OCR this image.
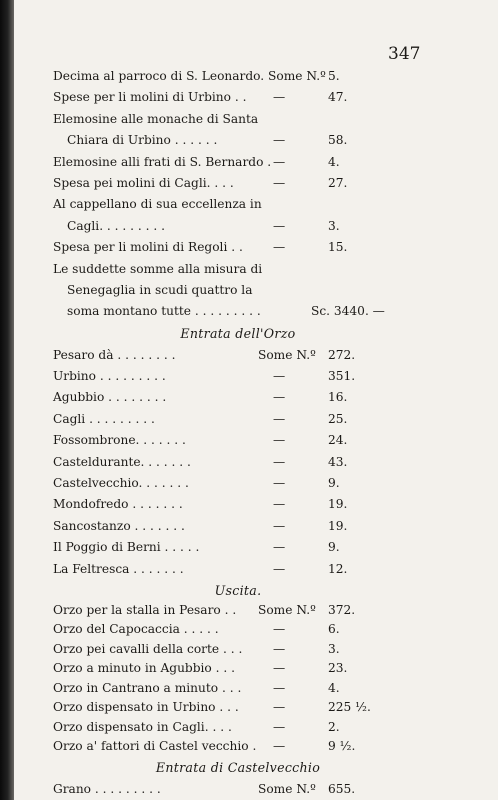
347
Decima al parroco di S. Leonardo. Some N.º 5.
Spese per li molini di Urbino . . —	47.
Elemosine alle monache di Santa
Chiara di Urbino . . . . . .	—	58.
Elemosine alli frati di S. Bernardo . —	4.
Spesa pei molini di Cagli. . . .	—	27.
Al cappellano di sua eccellenza in
Cagli. . . . . . . . .	—	3.
Spesa per li molini di Regoli . . —	15.
Le suddette somme alla misura di
Senegaglia in scudi quattro la
soma montano tutte . . . . . . . . .	Sc. 3440. —
Entrata dell'Orzo
Pesaro dà . . . . . . . .	Some N.º 272.
Urbino . . . . . . . . .	—	351.
Agubbio . . . . . . . .	—	16.
Cagli . . . . . . . . .	—	25.
Fossombrone. . . . . . .	—	24.
Casteldurante. . . . . . .	—	43.
Castelvecchio. . . . . . .	—	9.
Mondofredo . . . . . . .	—	19.
Sancostanzo . . . . . . .	—	19.
Il Poggio di Berni . . . . .	—	9.
La Feltresca . . . . . . .	—	12.
Uscita.
Orzo per la stalla in Pesaro . . Some N.º 372.
Orzo del Capocaccia . . . . .	—	6.
Orzo pei cavalli della corte . . .	—	3.
Orzo a minuto in Agubbio . . .	—	23.
Orzo in Cantrano a minuto . . .	—	4.
Orzo dispensato in Urbino . . .	—	225 ½.
Orzo dispensato in Cagli. . . .	—	2.
Orzo a' fattori di Castel vecchio . —	9 ½.
Entrata di Castelvecchio
Grano . . . . . . . . .	Some N.º 655.
